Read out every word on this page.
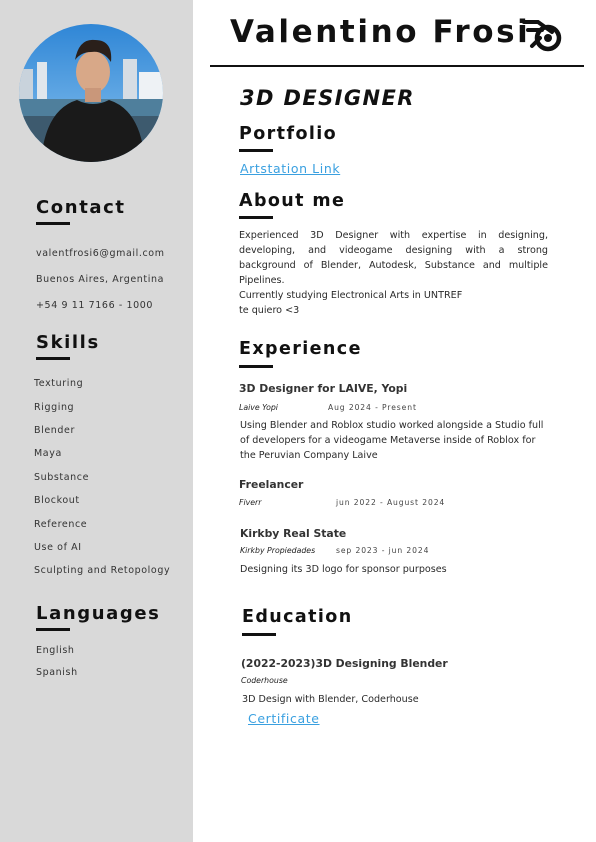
Contact
valentfrosi6@gmail.com
Buenos Aires, Argentina
+54 9 11 7166 - 1000
Skills
Texturing
Rigging
Blender
Maya
Substance
Blockout
Reference
Use of AI
Sculpting and Retopology
Languages
English
Spanish
Valentino Frosi
3D DESIGNER
Portfolio
Artstation Link
About me
Experienced 3D Designer with expertise in designing, developing, and videogame designing with a strong background of Blender, Autodesk, Substance and multiple Pipelines.
Currently studying Electronical Arts in UNTREF
te quiero <3
Experience
3D Designer for LAIVE, Yopi
Laive Yopi	Aug 2024 - Present
Using Blender and Roblox studio worked alongside a Studio full of developers for a videogame Metaverse inside of Roblox for the Peruvian Company Laive
Freelancer
Fiverr	jun 2022 - August 2024
Kirkby Real State
Kirkby Propiedades	sep 2023 - jun 2024
Designing its 3D logo for sponsor purposes
Education
(2022-2023)3D Designing Blender
Coderhouse
3D Design with Blender, Coderhouse
Certificate
